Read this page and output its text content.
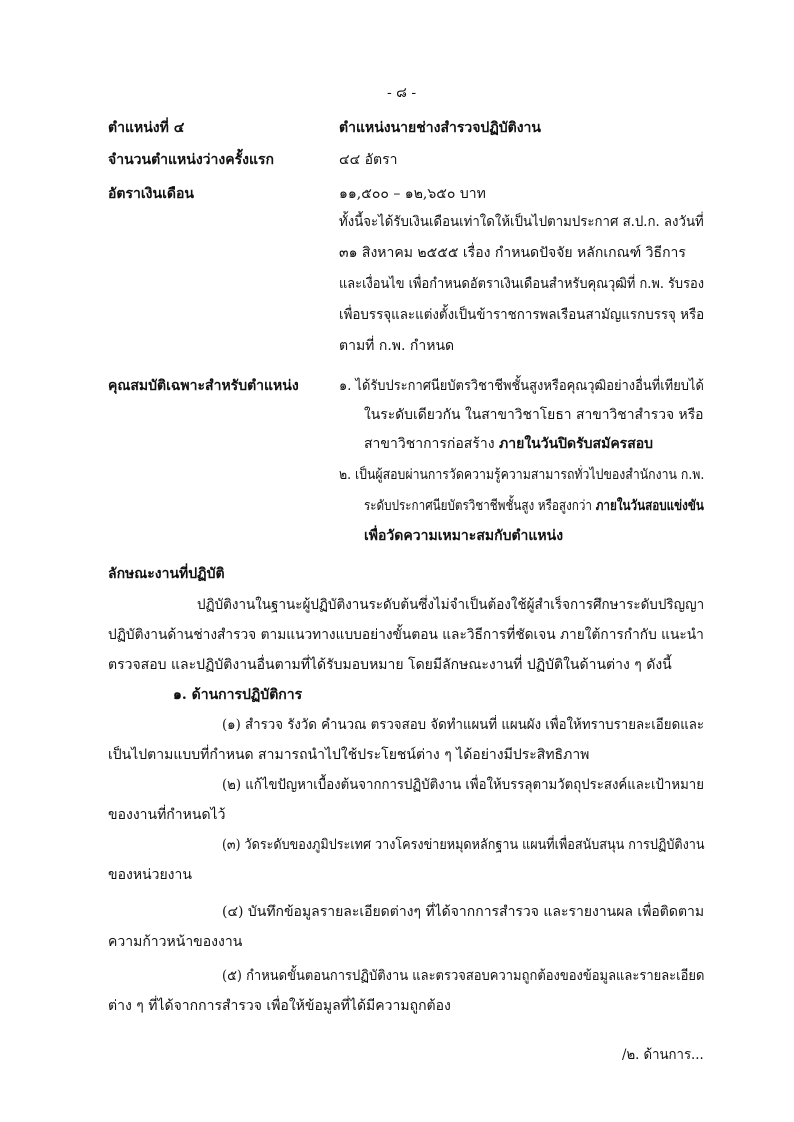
- ๘ -
ตำแหน่งที่ ๔	ตำแหน่งนายช่างสำรวจปฏิบัติงาน
จำนวนตำแหน่งว่างครั้งแรก	๔๔ อัตรา
อัตราเงินเดือน	๑๑,๕๐๐ – ๑๒,๖๕๐ บาท
ทั้งนี้จะได้รับเงินเดือนเท่าใดให้เป็นไปตามประกาศ ส.ป.ก. ลงวันที่
๓๑ สิงหาคม ๒๕๕๕ เรื่อง กำหนดปัจจัย หลักเกณฑ์ วิธีการ
และเงื่อนไข เพื่อกำหนดอัตราเงินเดือนสำหรับคุณวุฒิที่ ก.พ. รับรอง
เพื่อบรรจุและแต่งตั้งเป็นข้าราชการพลเรือนสามัญแรกบรรจุ หรือ
ตามที่ ก.พ. กำหนด
คุณสมบัติเฉพาะสำหรับตำแหน่ง	๑. ได้รับประกาศนียบัตรวิชาชีพชั้นสูงหรือคุณวุฒิอย่างอื่นที่เทียบได้
ในระดับเดียวกัน ในสาขาวิชาโยธา สาขาวิชาสำรวจ หรือ
สาขาวิชาการก่อสร้าง ภายในวันปิดรับสมัครสอบ
๒. เป็นผู้สอบผ่านการวัดความรู้ความสามารถทั่วไปของสำนักงาน ก.พ.
ระดับประกาศนียบัตรวิชาชีพชั้นสูง หรือสูงกว่า ภายในวันสอบแข่งขัน
เพื่อวัดความเหมาะสมกับตำแหน่ง
ลักษณะงานที่ปฏิบัติ
ปฏิบัติงานในฐานะผู้ปฏิบัติงานระดับต้นซึ่งไม่จำเป็นต้องใช้ผู้สำเร็จการศึกษาระดับปริญญา
ปฏิบัติงานด้านช่างสำรวจ ตามแนวทางแบบอย่างขั้นตอน และวิธีการที่ชัดเจน ภายใต้การกำกับ แนะนำ
ตรวจสอบ และปฏิบัติงานอื่นตามที่ได้รับมอบหมาย โดยมีลักษณะงานที่ ปฏิบัติในด้านต่าง ๆ ดังนี้
๑. ด้านการปฏิบัติการ
(๑) สำรวจ รังวัด คำนวณ ตรวจสอบ จัดทำแผนที่ แผนผัง เพื่อให้ทราบรายละเอียดและ
เป็นไปตามแบบที่กำหนด สามารถนำไปใช้ประโยชน์ต่าง ๆ ได้อย่างมีประสิทธิภาพ
(๒) แก้ไขปัญหาเบื้องต้นจากการปฏิบัติงาน เพื่อให้บรรลุตามวัตถุประสงค์และเป้าหมาย
ของงานที่กำหนดไว้
(๓) วัดระดับของภูมิประเทศ วางโครงข่ายหมุดหลักฐาน แผนที่เพื่อสนับสนุน การปฏิบัติงาน
ของหน่วยงาน
(๔) บันทึกข้อมูลรายละเอียดต่างๆ ที่ได้จากการสำรวจ และรายงานผล เพื่อติดตาม
ความก้าวหน้าของงาน
(๕) กำหนดขั้นตอนการปฏิบัติงาน และตรวจสอบความถูกต้องของข้อมูลและรายละเอียด
ต่าง ๆ ที่ได้จากการสำรวจ เพื่อให้ข้อมูลที่ได้มีความถูกต้อง
/๒. ด้านการ...
